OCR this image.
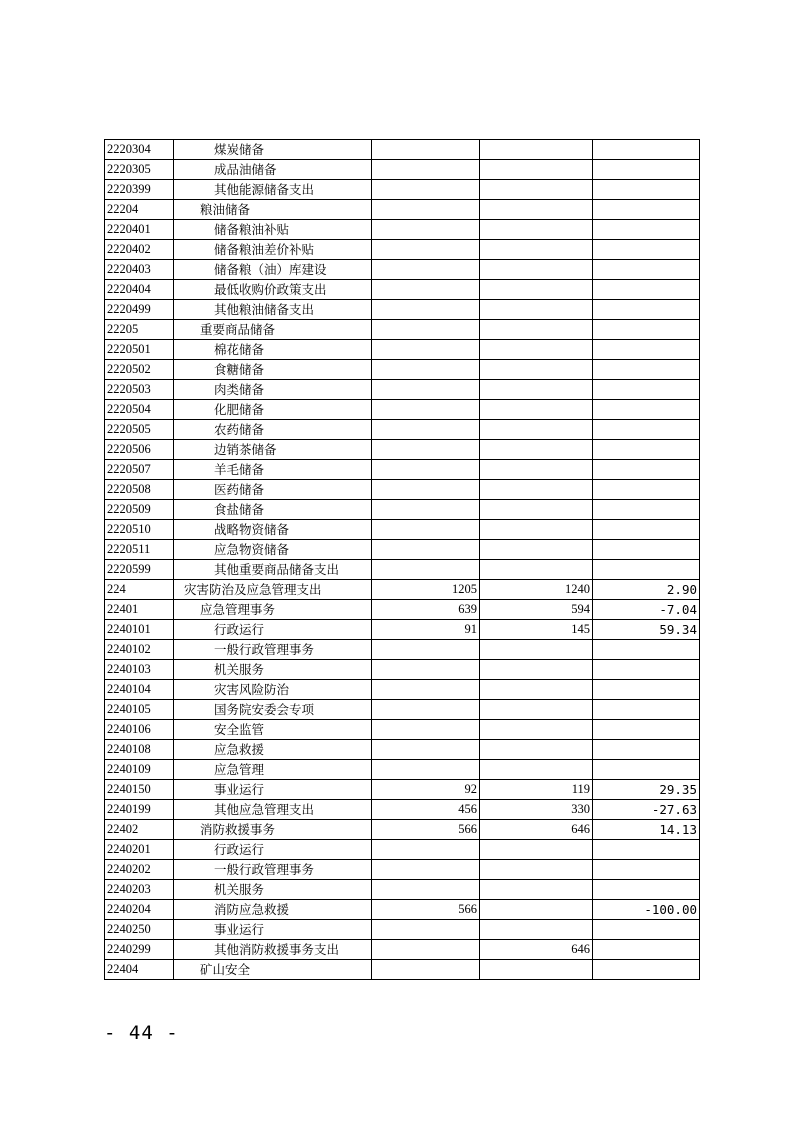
2220304	煤炭储备			
2220305	成品油储备			
2220399	其他能源储备支出			
22204	粮油储备			
2220401	储备粮油补贴			
2220402	储备粮油差价补贴			
2220403	储备粮（油）库建设			
2220404	最低收购价政策支出			
2220499	其他粮油储备支出			
22205	重要商品储备			
2220501	棉花储备			
2220502	食糖储备			
2220503	肉类储备			
2220504	化肥储备			
2220505	农药储备			
2220506	边销茶储备			
2220507	羊毛储备			
2220508	医药储备			
2220509	食盐储备			
2220510	战略物资储备			
2220511	应急物资储备			
2220599	其他重要商品储备支出			
224	灾害防治及应急管理支出	1205	1240	2.90
22401	应急管理事务	639	594	-7.04
2240101	行政运行	91	145	59.34
2240102	一般行政管理事务			
2240103	机关服务			
2240104	灾害风险防治			
2240105	国务院安委会专项			
2240106	安全监管			
2240108	应急救援			
2240109	应急管理			
2240150	事业运行	92	119	29.35
2240199	其他应急管理支出	456	330	-27.63
22402	消防救援事务	566	646	14.13
2240201	行政运行			
2240202	一般行政管理事务			
2240203	机关服务			
2240204	消防应急救援	566		-100.00
2240250	事业运行			
2240299	其他消防救援事务支出		646	
22404	矿山安全			
- 44 -
